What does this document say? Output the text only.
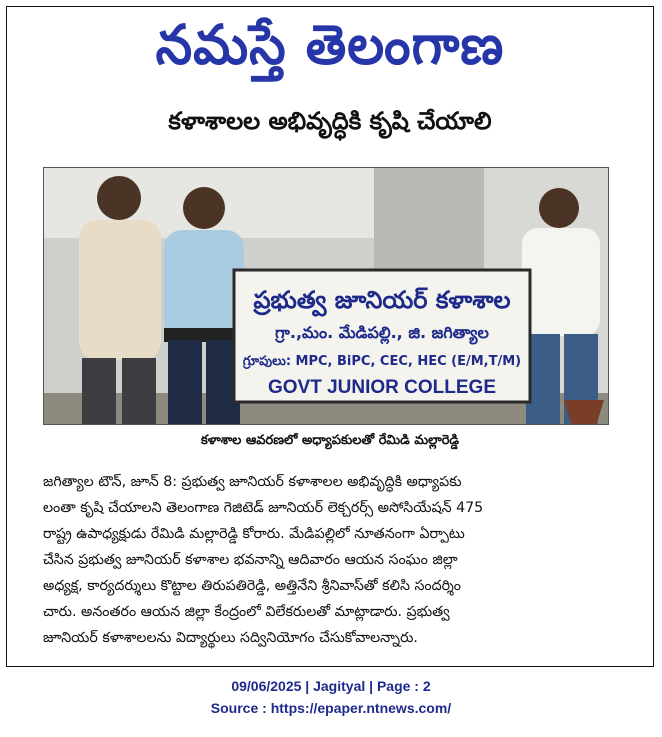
నమస్తే తెలంగాణ
కళాశాలల అభివృద్ధికి కృషి చేయాలి
ప్రభుత్వ జూనియర్ కళాశాల
గ్రా.,మం. మేడిపల్లి., జి. జగిత్యాల
గ్రూపులు: MPC, BiPC, CEC, HEC (E/M,T/M)
GOVT JUNIOR COLLEGE
కళాశాల ఆవరణలో అధ్యాపకులతో రేమిడి మల్లారెడ్డి
జగిత్యాల టౌన్, జూన్ 8: ప్రభుత్వ జూనియర్ కళాశాలల అభివృద్ధికి అధ్యాపకు
లంతా కృషి చేయాలని తెలంగాణ గెజిటెడ్ జూనియర్ లెక్చరర్స్ అసోసియేషన్ 475
రాష్ట్ర ఉపాధ్యక్షుడు రేమిడి మల్లారెడ్డి కోరారు. మేడిపల్లిలో నూతనంగా ఏర్పాటు
చేసిన ప్రభుత్వ జూనియర్ కళాశాల భవనాన్ని ఆదివారం ఆయన సంఘం జిల్లా
అధ్యక్ష, కార్యదర్శులు కొట్టాల తిరుపతిరెడ్డి, అత్తినేని శ్రీనివాస్‌తో కలిసి సందర్శిం
చారు. అనంతరం ఆయన జిల్లా కేంద్రంలో విలేకరులతో మాట్లాడారు. ప్రభుత్వ
జూనియర్ కళాశాలలను విద్యార్థులు సద్వినియోగం చేసుకోవాలన్నారు.
09/06/2025 | Jagityal | Page : 2
Source : https://epaper.ntnews.com/
